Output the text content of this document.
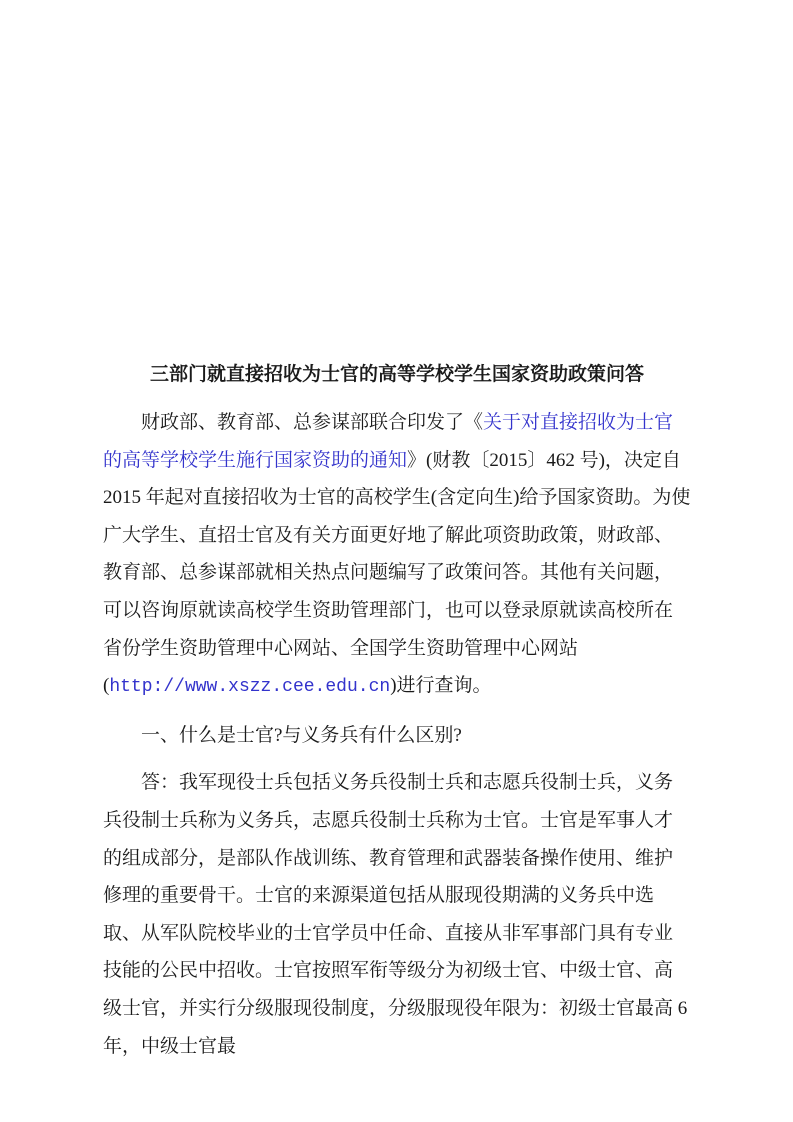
三部门就直接招收为士官的高等学校学生国家资助政策问答

财政部、教育部、总参谋部联合印发了《关于对直接招收为士官的高等学校学生施行国家资助的通知》(财教〔2015〕462 号)，决定自 2015 年起对直接招收为士官的高校学生(含定向生)给予国家资助。为使广大学生、直招士官及有关方面更好地了解此项资助政策，财政部、教育部、总参谋部就相关热点问题编写了政策问答。其他有关问题，可以咨询原就读高校学生资助管理部门，也可以登录原就读高校所在省份学生资助管理中心网站、全国学生资助管理中心网站(http://www.xszz.cee.edu.cn)进行查询。

一、什么是士官?与义务兵有什么区别?

答：我军现役士兵包括义务兵役制士兵和志愿兵役制士兵，义务兵役制士兵称为义务兵，志愿兵役制士兵称为士官。士官是军事人才的组成部分，是部队作战训练、教育管理和武器装备操作使用、维护修理的重要骨干。士官的来源渠道包括从服现役期满的义务兵中选取、从军队院校毕业的士官学员中任命、直接从非军事部门具有专业技能的公民中招收。士官按照军衔等级分为初级士官、中级士官、高级士官，并实行分级服现役制度，分级服现役年限为：初级士官最高 6 年，中级士官最
